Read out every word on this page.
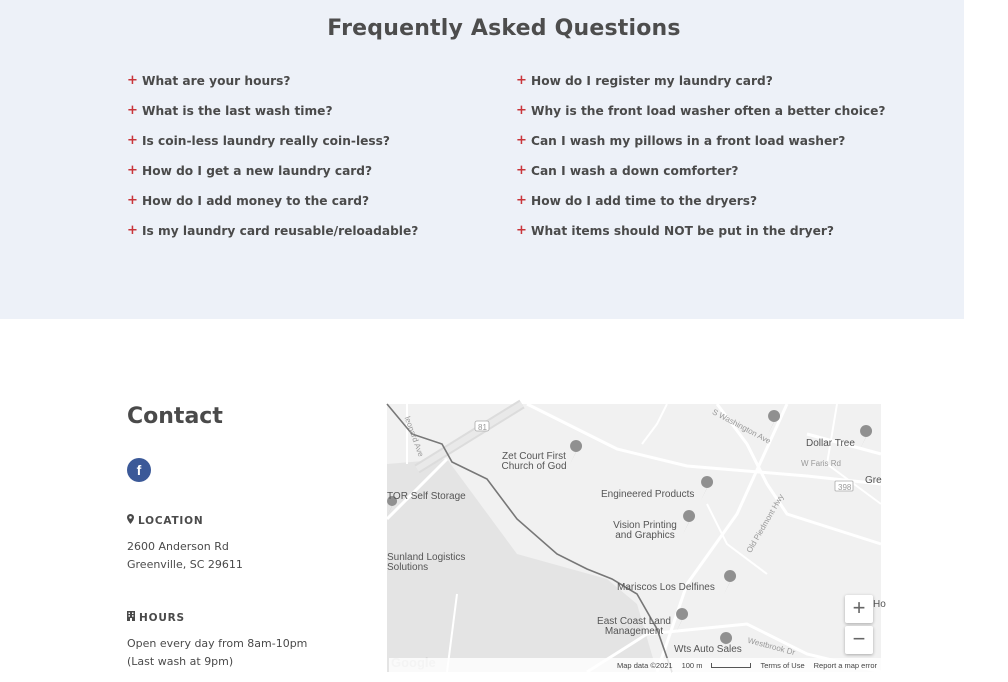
Frequently Asked Questions
+ What are your hours?
+ What is the last wash time?
+ Is coin-less laundry really coin-less?
+ How do I get a new laundry card?
+ How do I add money to the card?
+ Is my laundry card reusable/reloadable?
+ How do I register my laundry card?
+ Why is the front load washer often a better choice?
+ Can I wash my pillows in a front load washer?
+ Can I wash a down comforter?
+ How do I add time to the dryers?
+ What items should NOT be put in the dryer?
Contact
f
LOCATION
2600 Anderson Rd
Greenville, SC 29611
HOURS
Open every day from 8am-10pm
(Last wash at 9pm)
81
398
S Washington Ave
W Faris Rd
Old Piedmont Hwy
Westbrook Dr
leonard Ave	Zet Court First Church of God
TOR Self Storage	Engineered Products
Vision Printing and Graphics
Sunland Logistics Solutions
Mariscos Los Delfines
East Coast Land Management
Wts Auto Sales
Dollar Tree
Gre
Ho
+
−
Map data ©2021 100 m	Terms of Use Report a map error
